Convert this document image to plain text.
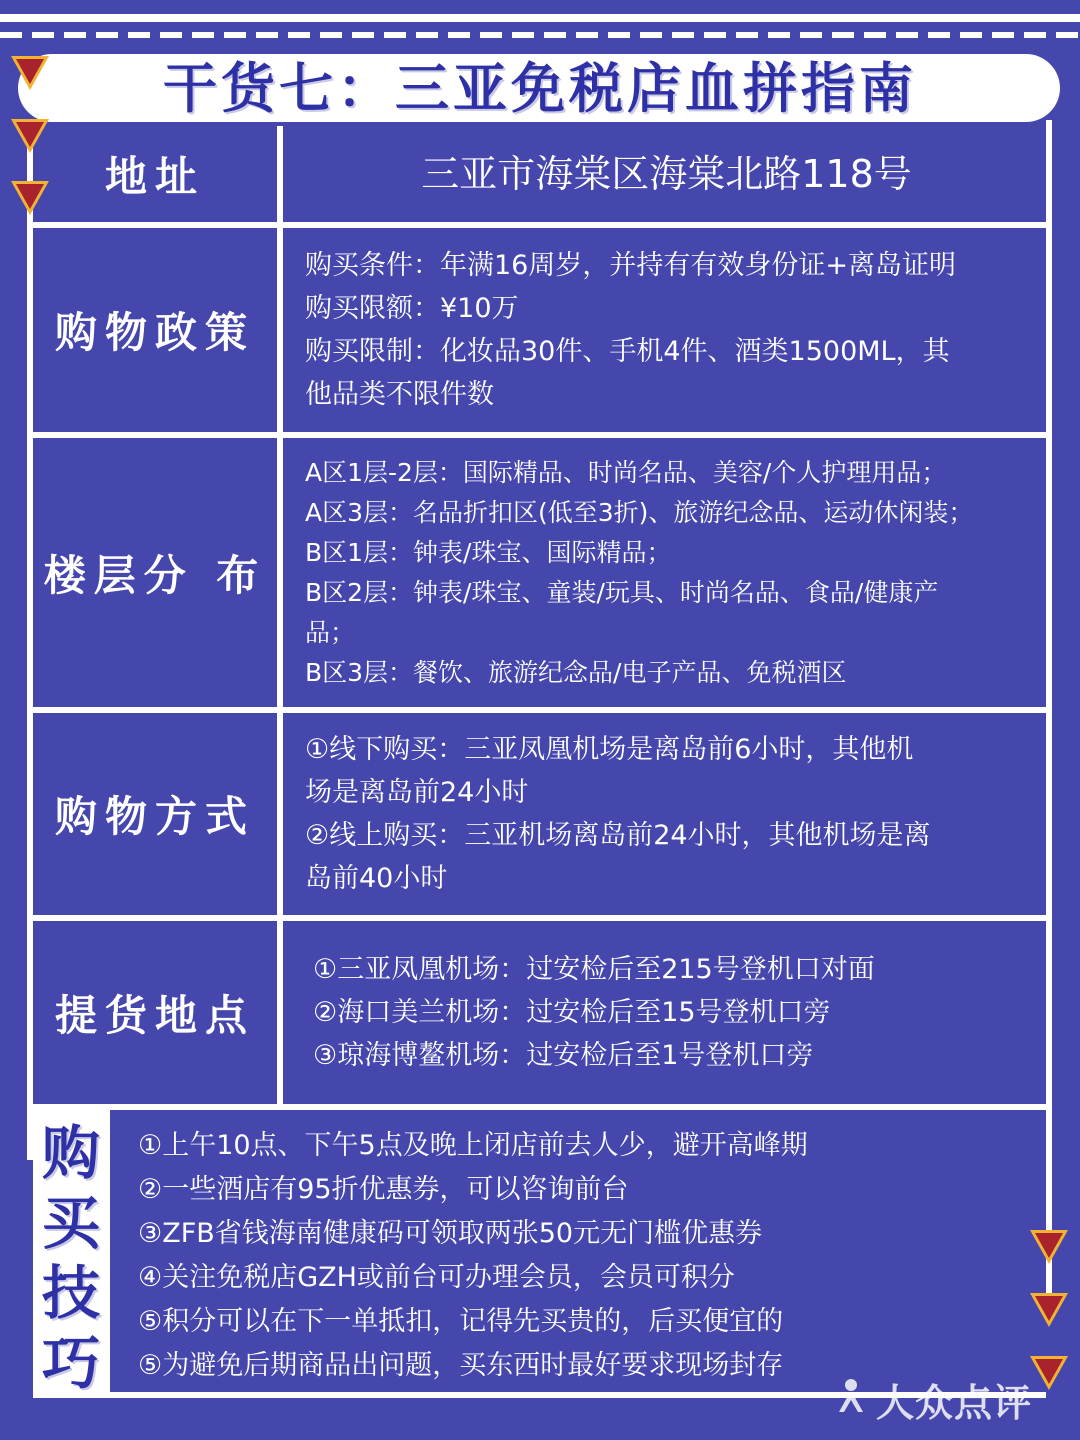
干货七：三亚免税店血拼指南
地址	三亚市海棠区海棠北路118号
购物政策
购买条件：年满16周岁，并持有有效身份证+离岛证明
购买限额：¥10万
购买限制：化妆品30件、手机4件、酒类1500ML，其
他品类不限件数
楼层分 布
A区1层-2层：国际精品、时尚名品、美容/个人护理用品；
A区3层：名品折扣区(低至3折)、旅游纪念品、运动休闲装；
B区1层：钟表/珠宝、国际精品；
B区2层：钟表/珠宝、童装/玩具、时尚名品、食品/健康产
品；
B区3层：餐饮、旅游纪念品/电子产品、免税酒区
购物方式
①线下购买：三亚凤凰机场是离岛前6小时，其他机
场是离岛前24小时
②线上购买：三亚机场离岛前24小时，其他机场是离
岛前40小时
提货地点
①三亚凤凰机场：过安检后至215号登机口对面
②海口美兰机场：过安检后至15号登机口旁
③琼海博鳌机场：过安检后至1号登机口旁
购
买
技
巧
①上午10点、下午5点及晚上闭店前去人少，避开高峰期
②一些酒店有95折优惠券，可以咨询前台
③ZFB省钱海南健康码可领取两张50元无门槛优惠券
④关注免税店GZH或前台可办理会员，会员可积分
⑤积分可以在下一单抵扣，记得先买贵的，后买便宜的
⑤为避免后期商品出问题，买东西时最好要求现场封存
大众点评
